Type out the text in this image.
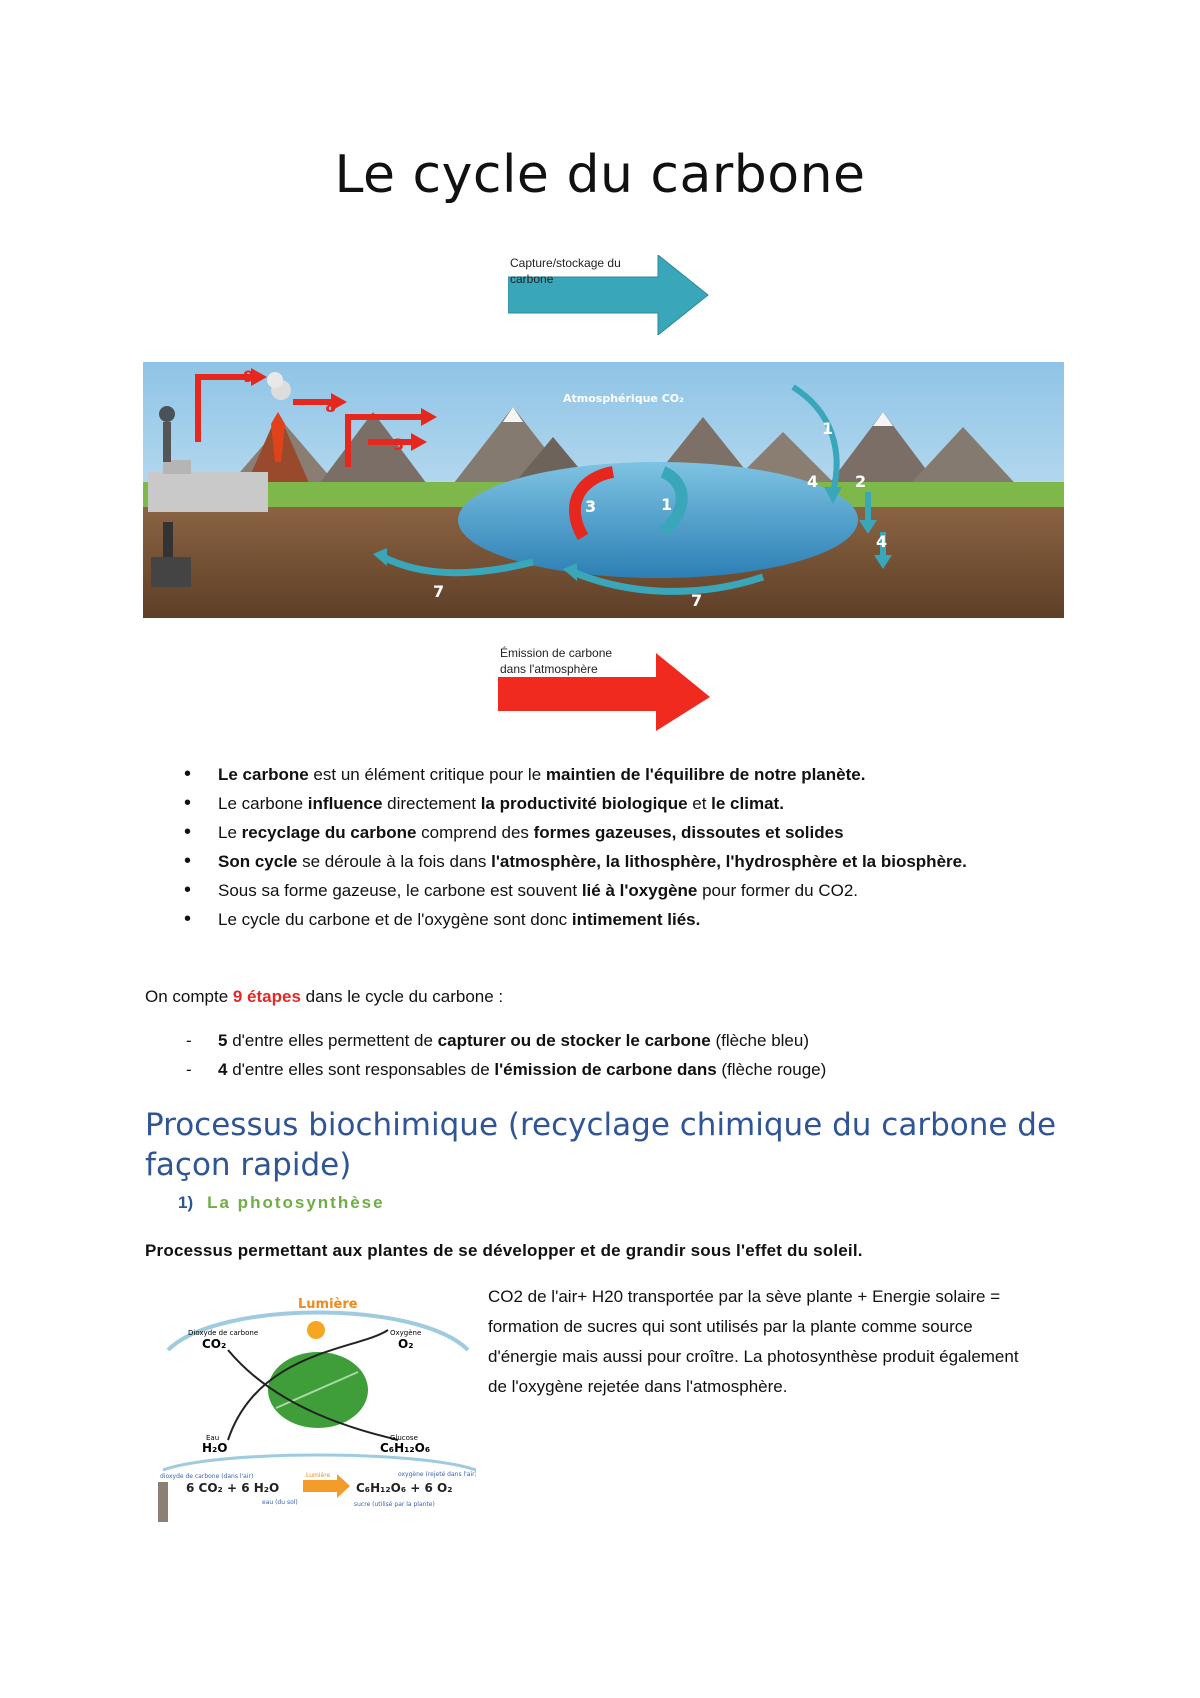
Le cycle du carbone
Capture/stockage du carbone
9
8
3
3	1
1
2
4
4
7	7
Atmosphérique CO₂
Émission de carbone dans l'atmosphère
• Le carbone est un élément critique pour le maintien de l'équilibre de notre planète.
• Le carbone influence directement la productivité biologique et le climat.
• Le recyclage du carbone comprend des formes gazeuses, dissoutes et solides
• Son cycle se déroule à la fois dans l'atmosphère, la lithosphère, l'hydrosphère et la biosphère.
• Sous sa forme gazeuse, le carbone est souvent lié à l'oxygène pour former du CO2.
• Le cycle du carbone et de l'oxygène sont donc intimement liés.
On compte 9 étapes dans le cycle du carbone :
- 5 d'entre elles permettent de capturer ou de stocker le carbone (flèche bleu)
- 4 d'entre elles sont responsables de l'émission de carbone dans (flèche rouge)
Processus biochimique (recyclage chimique du carbone de façon rapide)
1) La photosynthèse
Processus permettant aux plantes de se développer et de grandir sous l'effet du soleil.
Lumière
Dioxyde de carbone
CO₂
Oxygène
O₂
Eau
H₂O
Glucose
C₆H₁₂O₆
dioxyde de carbone (dans l'air)
6 CO₂ + 6 H₂O
eau (du sol)
Lumière
C₆H₁₂O₆ + 6 O₂
sucre (utilisé par la plante)
oxygène (rejeté dans l'air)
CO2 de l'air+ H20 transportée par la sève plante + Energie solaire = formation de sucres qui sont utilisés par la plante comme source d'énergie mais aussi pour croître. La photosynthèse produit également de l'oxygène rejetée dans l'atmosphère.
